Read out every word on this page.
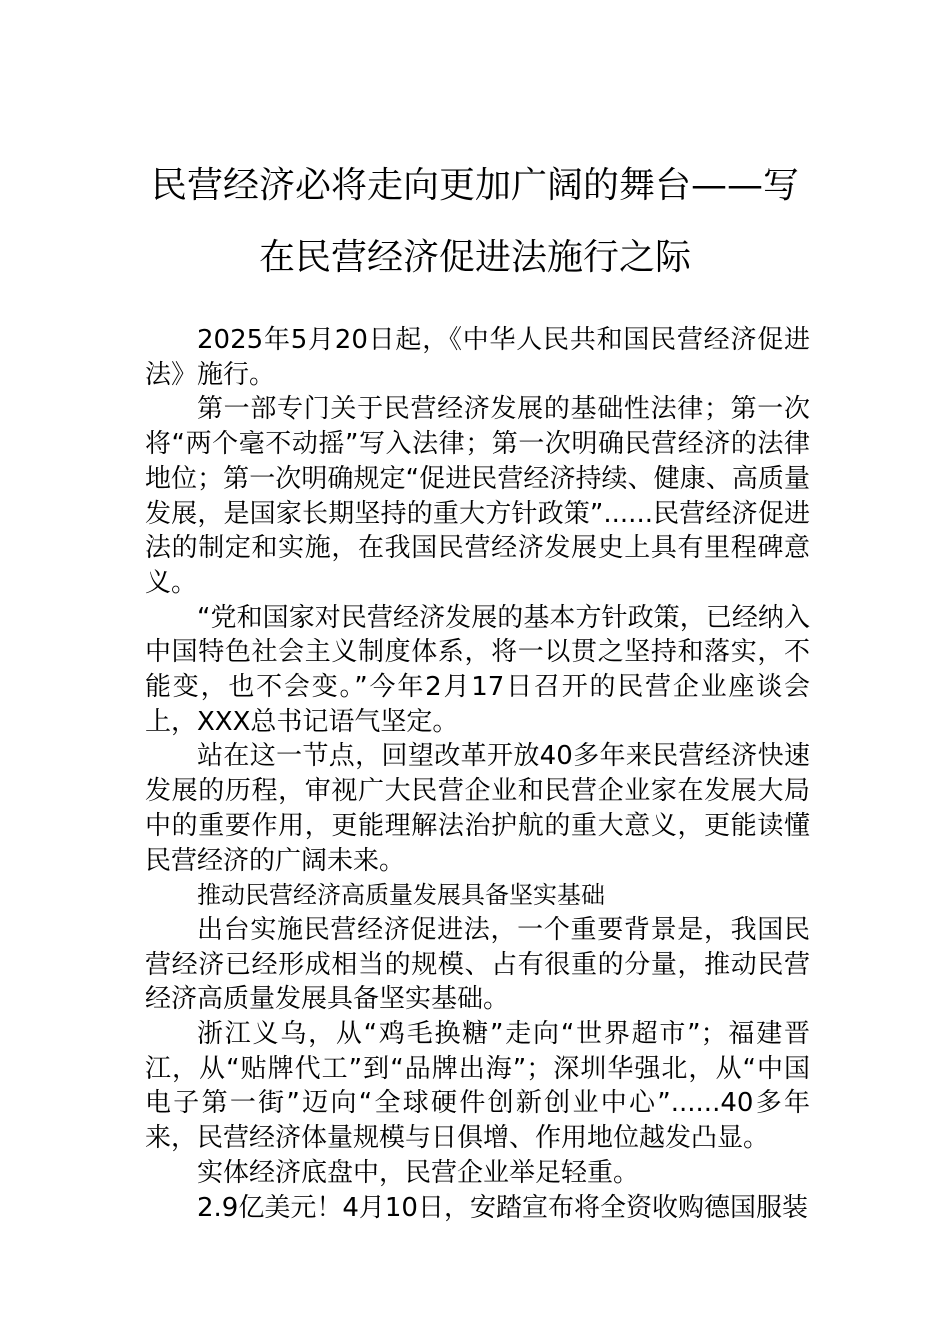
民营经济必将走向更加广阔的舞台——写
在民营经济促进法施行之际

2025年5月20日起，《中华人民共和国民营经济促进法》施行。

第一部专门关于民营经济发展的基础性法律；第一次将“两个毫不动摇”写入法律；第一次明确民营经济的法律地位；第一次明确规定“促进民营经济持续、健康、高质量发展，是国家长期坚持的重大方针政策”......民营经济促进法的制定和实施，在我国民营经济发展史上具有里程碑意义。

“党和国家对民营经济发展的基本方针政策，已经纳入中国特色社会主义制度体系，将一以贯之坚持和落实，不能变，也不会变。”今年2月17日召开的民营企业座谈会上，XXX总书记语气坚定。

站在这一节点，回望改革开放40多年来民营经济快速发展的历程，审视广大民营企业和民营企业家在发展大局中的重要作用，更能理解法治护航的重大意义，更能读懂民营经济的广阔未来。

推动民营经济高质量发展具备坚实基础

出台实施民营经济促进法，一个重要背景是，我国民营经济已经形成相当的规模、占有很重的分量，推动民营经济高质量发展具备坚实基础。

浙江义乌，从“鸡毛换糖”走向“世界超市”；福建晋江，从“贴牌代工”到“品牌出海”；深圳华强北，从“中国电子第一街”迈向“全球硬件创新创业中心”......40多年来，民营经济体量规模与日俱增、作用地位越发凸显。

实体经济底盘中，民营企业举足轻重。

2.9亿美元！4月10日，安踏宣布将全资收购德国服装
